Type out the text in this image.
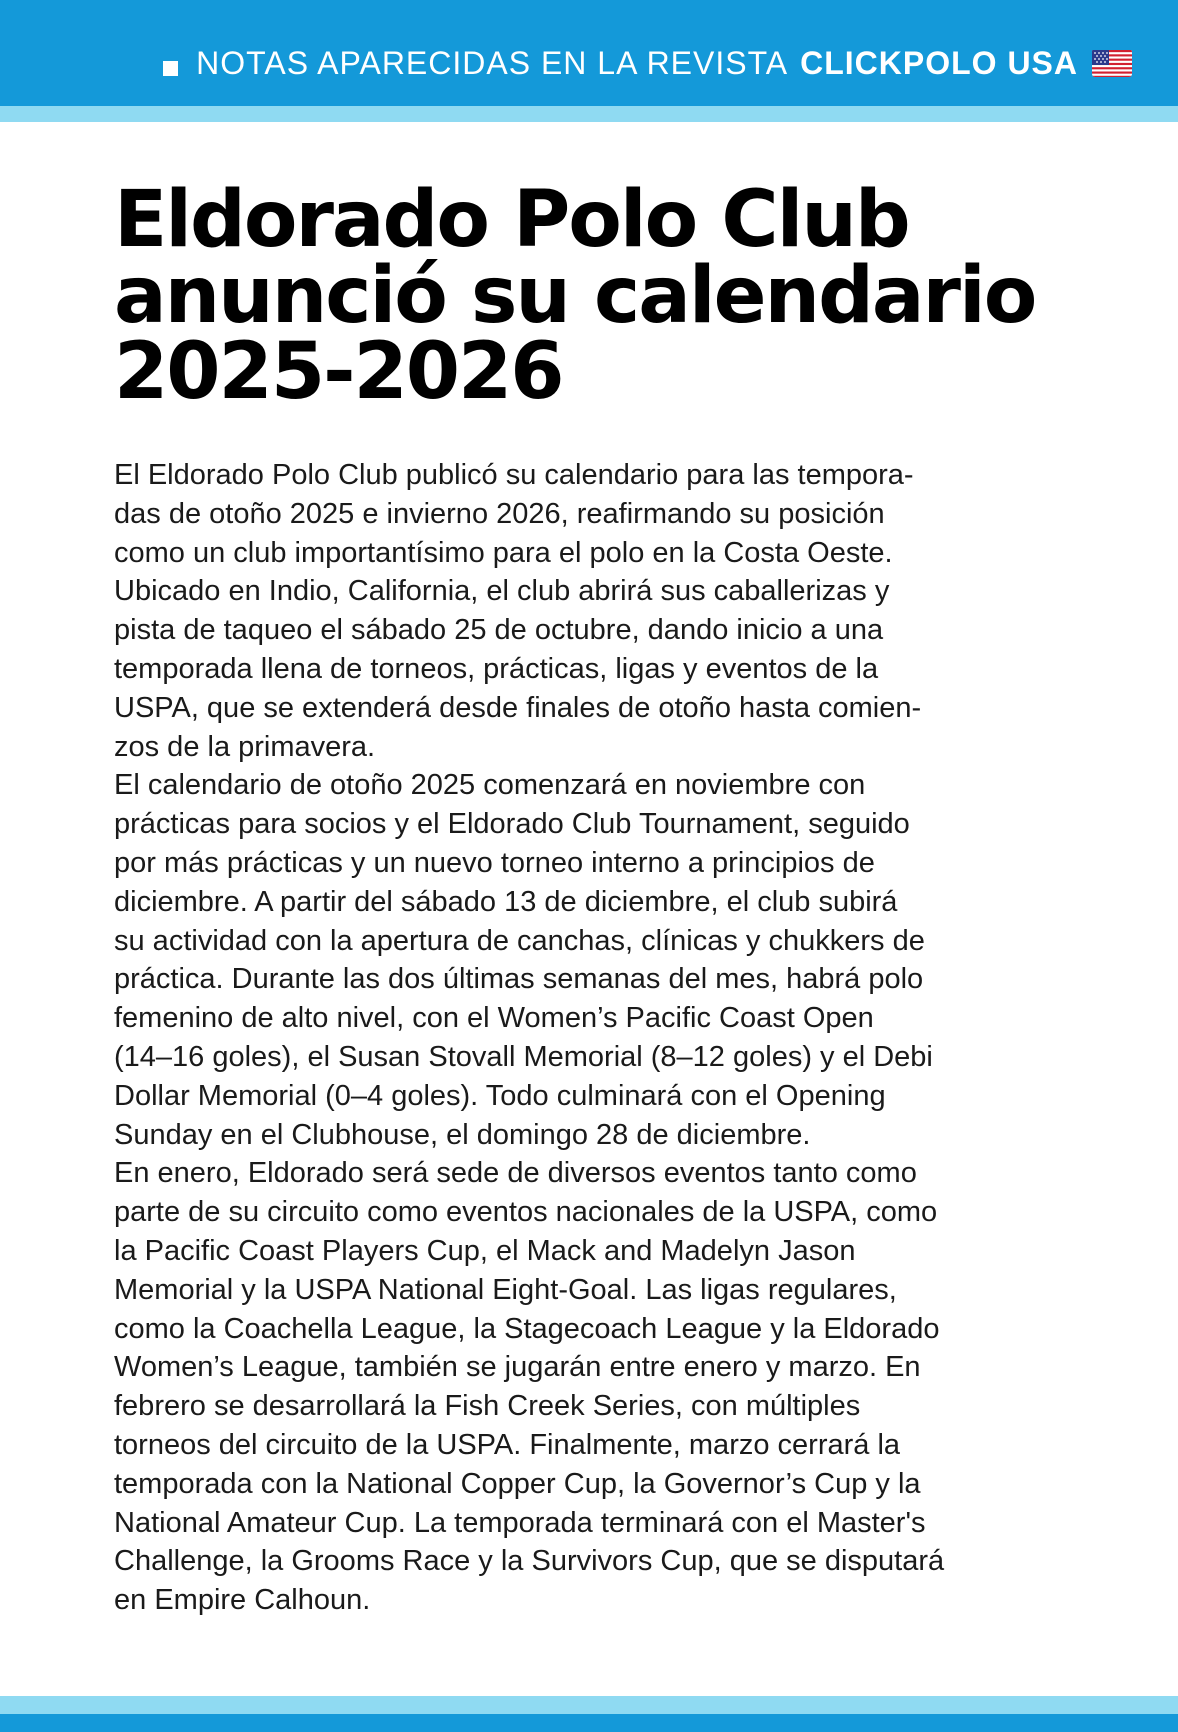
NOTAS APARECIDAS EN LA REVISTA CLICKPOLO USA
Eldorado Polo Club
anunció su calendario
2025-2026
El Eldorado Polo Club publicó su calendario para las tempora-
das de otoño 2025 e invierno 2026, reafirmando su posición
como un club importantísimo para el polo en la Costa Oeste.
Ubicado en Indio, California, el club abrirá sus caballerizas y
pista de taqueo el sábado 25 de octubre, dando inicio a una
temporada llena de torneos, prácticas, ligas y eventos de la
USPA, que se extenderá desde finales de otoño hasta comien-
zos de la primavera.
El calendario de otoño 2025 comenzará en noviembre con
prácticas para socios y el Eldorado Club Tournament, seguido
por más prácticas y un nuevo torneo interno a principios de
diciembre. A partir del sábado 13 de diciembre, el club subirá
su actividad con la apertura de canchas, clínicas y chukkers de
práctica. Durante las dos últimas semanas del mes, habrá polo
femenino de alto nivel, con el Women’s Pacific Coast Open
(14–16 goles), el Susan Stovall Memorial (8–12 goles) y el Debi
Dollar Memorial (0–4 goles). Todo culminará con el Opening
Sunday en el Clubhouse, el domingo 28 de diciembre.
En enero, Eldorado será sede de diversos eventos tanto como
parte de su circuito como eventos nacionales de la USPA, como
la Pacific Coast Players Cup, el Mack and Madelyn Jason
Memorial y la USPA National Eight-Goal. Las ligas regulares,
como la Coachella League, la Stagecoach League y la Eldorado
Women’s League, también se jugarán entre enero y marzo. En
febrero se desarrollará la Fish Creek Series, con múltiples
torneos del circuito de la USPA. Finalmente, marzo cerrará la
temporada con la National Copper Cup, la Governor’s Cup y la
National Amateur Cup. La temporada terminará con el Master's
Challenge, la Grooms Race y la Survivors Cup, que se disputará
en Empire Calhoun.
